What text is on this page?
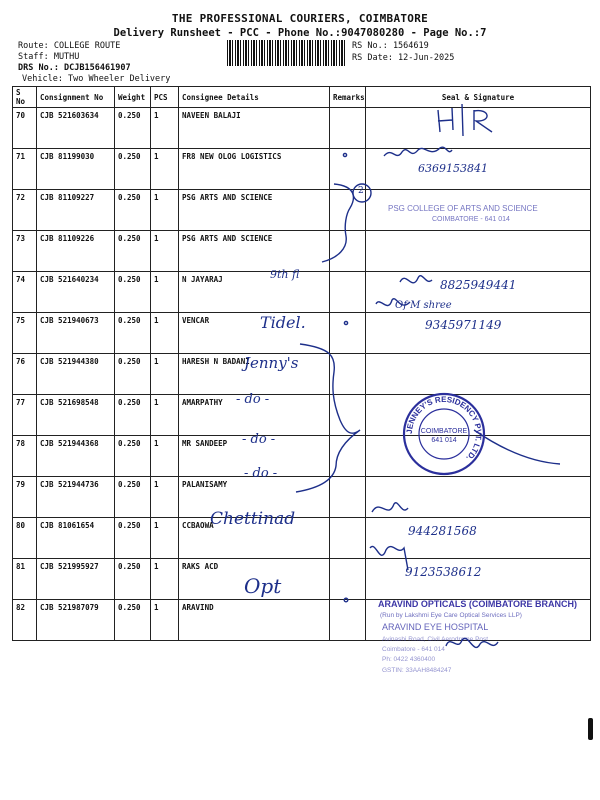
THE PROFESSIONAL COURIERS, COIMBATORE
Delivery Runsheet - PCC - Phone No.:9047080280 - Page No.:7
Route: COLLEGE ROUTE
Staff: MUTHU
DRS No.: DCJB156461907
Vehicle: Two Wheeler Delivery
RS No.: 1564619
RS Date: 12-Jun-2025
S No	Consignment No	Weight	PCS	Consignee Details	Remarks	Seal & Signature
70	CJB 521603634	0.250	1	NAVEEN BALAJI		
71	CJB 81199030	0.250	1	FR8 NEW OLOG LOGISTICS		
72	CJB 81109227	0.250	1	PSG ARTS AND SCIENCE		
73	CJB 81109226	0.250	1	PSG ARTS AND SCIENCE		
74	CJB 521640234	0.250	1	N JAYARAJ		
75	CJB 521940673	0.250	1	VENCAR		
76	CJB 521944380	0.250	1	HARESH N BADANI		
77	CJB 521698548	0.250	1	AMARPATHY		
78	CJB 521944368	0.250	1	MR SANDEEP		
79	CJB 521944736	0.250	1	PALANISAMY		
80	CJB 81061654	0.250	1	CCBAOWA		
81	CJB 521995927	0.250	1	RAKS ACD		
82	CJB 521987079	0.250	1	ARAVIND		
6369153841
2
9th fl
8825949441
Tidel.
Of M shree
9345971149
Jenny's
- do -
- do -
- do -
Chettinad
944281568
9123538612
Opt
PSG COLLEGE OF ARTS AND SCIENCE
COIMBATORE - 641 014
JENNEY'S RESIDENCY PVT. LTD.
COIMBATORE
641 014
ARAVIND OPTICALS (COIMBATORE BRANCH)
(Run by Lakshmi Eye Care Optical Services LLP)
ARAVIND EYE HOSPITAL
Avinashi Road, Civil Aerodrome Post,
Coimbatore - 641 014
Ph: 0422 4360400
GSTIN: 33AAH8484247
